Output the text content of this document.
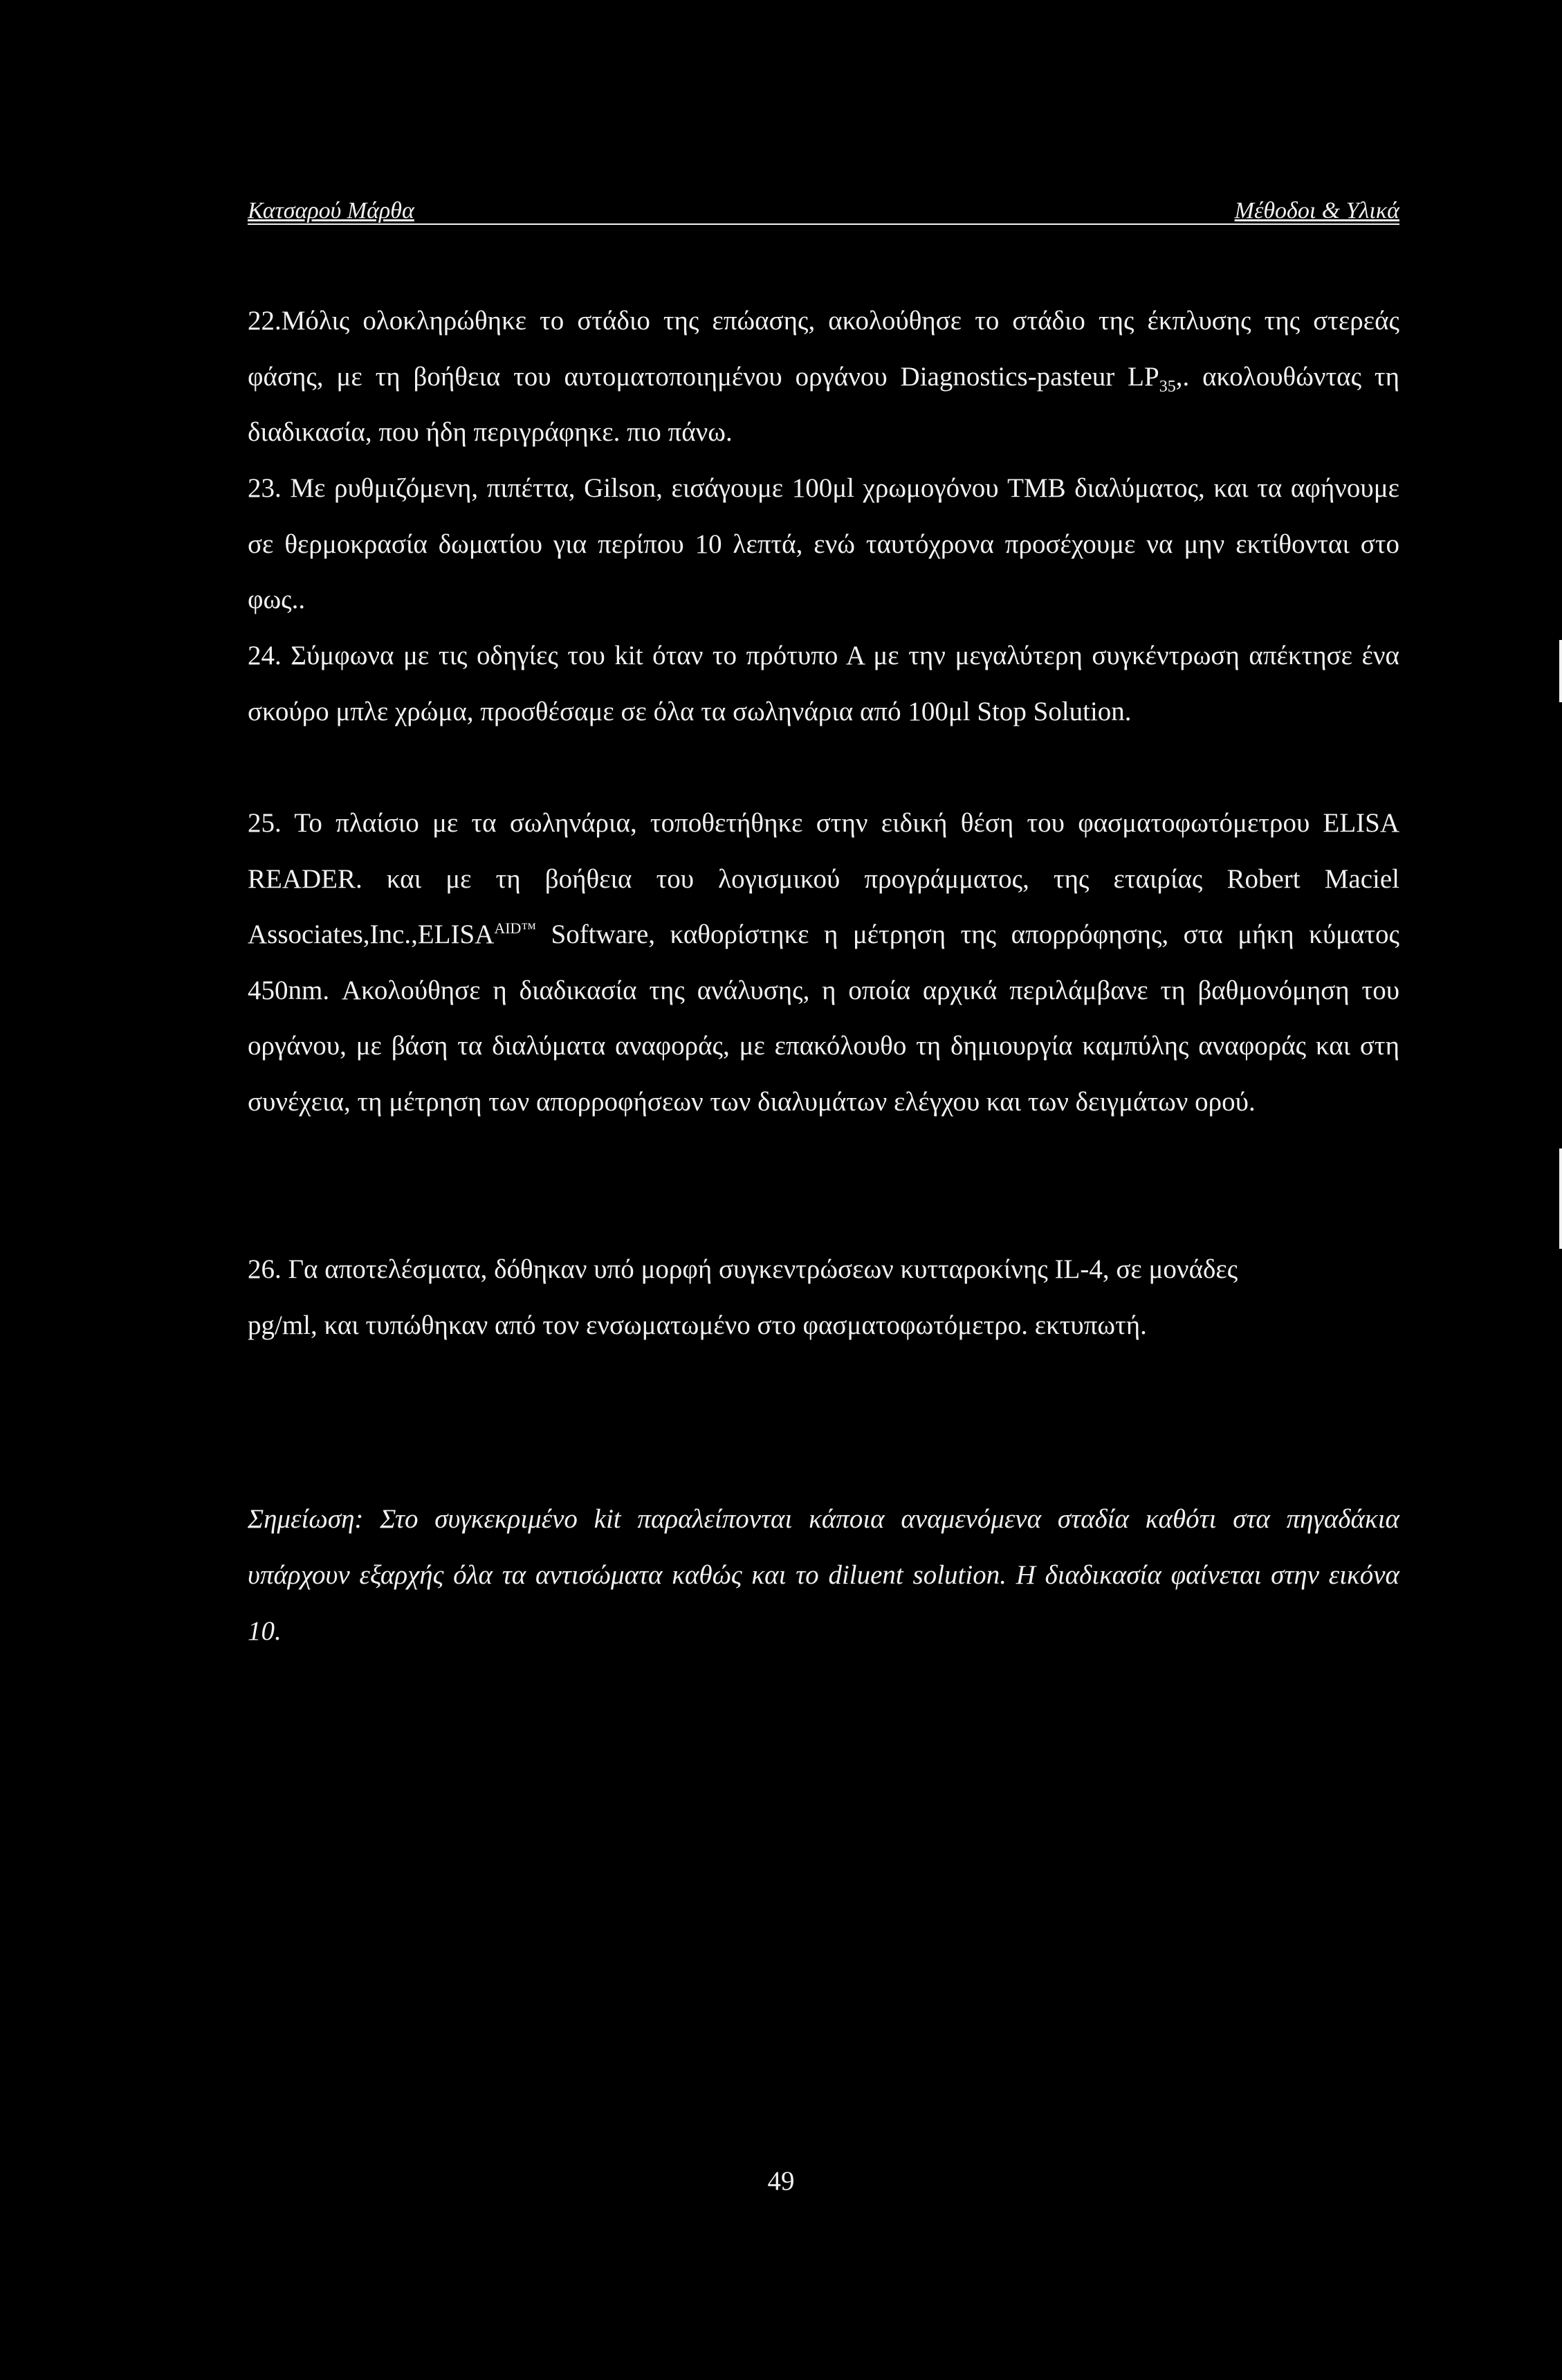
Κατσαρού Μάρθα	Μέθοδοι & Υλικά

22.Μόλις ολοκληρώθηκε το στάδιο της επώασης, ακολούθησε το στάδιο της έκπλυσης της στερεάς φάσης, με τη βοήθεια του αυτοματοποιημένου οργάνου Diagnostics-pasteur $LP_{35}$,. ακολουθώντας τη διαδικασία, που ήδη περιγράφηκε. πιο πάνω.

23. Με ρυθμιζόμενη, πιπέττα, Gilson, εισάγουμε 100μl χρωμογόνου TMB διαλύματος, και τα αφήνουμε σε θερμοκρασία δωματίου για περίπου 10 λεπτά, ενώ ταυτόχρονα προσέχουμε να μην εκτίθονται στο φως..

24. Σύμφωνα με τις οδηγίες του kit όταν το πρότυπο Α με την μεγαλύτερη συγκέντρωση απέκτησε ένα σκούρο μπλε χρώμα, προσθέσαμε σε όλα τα σωληνάρια από 100μl Stop Solution.

25. Το πλαίσιο με τα σωληνάρια, τοποθετήθηκε στην ειδική θέση του φασματοφωτόμετρου ELISA READER. και με τη βοήθεια του λογισμικού προγράμματος, της εταιρίας Robert Maciel $Associates,Inc.,ELISA^{AID™}$ Software, καθορίστηκε η μέτρηση της απορρόφησης, στα μήκη κύματος 450nm. Ακολούθησε η διαδικασία της ανάλυσης, η οποία αρχικά περιλάμβανε τη βαθμονόμηση του οργάνου, με βάση τα διαλύματα αναφοράς, με επακόλουθο τη δημιουργία καμπύλης αναφοράς και στη συνέχεια, τη μέτρηση των απορροφήσεων των διαλυμάτων ελέγχου και των δειγμάτων ορού.

26. Γα αποτελέσματα, δόθηκαν υπό μορφή συγκεντρώσεων κυτταροκίνης IL-4, σε μονάδες

pg/ml, και τυπώθηκαν από τον ενσωματωμένο στο φασματοφωτόμετρο. εκτυπωτή.

Σημείωση: Στο συγκεκριμένο kit παραλείπονται κάποια αναμενόμενα σταδία καθότι στα πηγαδάκια υπάρχουν εξαρχής όλα τα αντισώματα καθώς και το diluent solution. Η διαδικασία φαίνεται στην εικόνα 10.
49
